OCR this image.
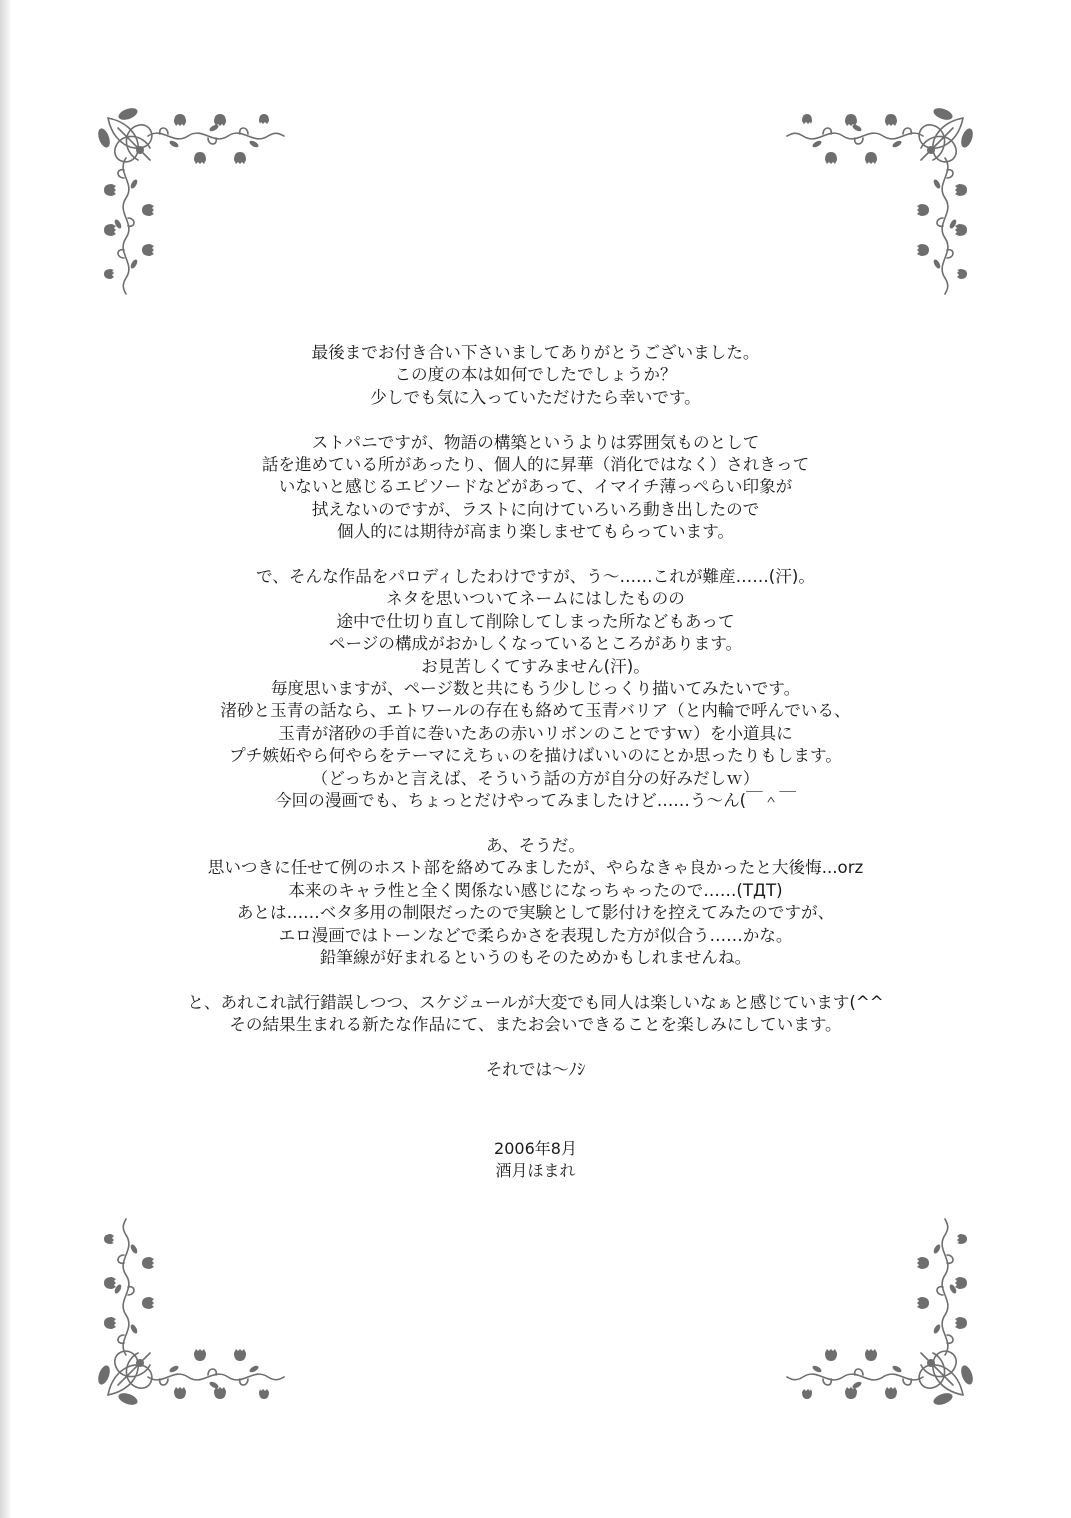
最後までお付き合い下さいましてありがとうございました。
この度の本は如何でしたでしょうか？
少しでも気に入っていただけたら幸いです。
ストパニですが、物語の構築というよりは雰囲気ものとして
話を進めている所があったり、個人的に昇華（消化ではなく）されきって
いないと感じるエピソードなどがあって、イマイチ薄っぺらい印象が
拭えないのですが、ラストに向けていろいろ動き出したので
個人的には期待が高まり楽しませてもらっています。
で、そんな作品をパロディしたわけですが、う～……これが難産……(汗)。
ネタを思いついてネームにはしたものの
途中で仕切り直して削除してしまった所などもあって
ページの構成がおかしくなっているところがあります。
お見苦しくてすみません(汗)。
毎度思いますが、ページ数と共にもう少しじっくり描いてみたいです。
渚砂と玉青の話なら、エトワールの存在も絡めて玉青バリア（と内輪で呼んでいる、
玉青が渚砂の手首に巻いたあの赤いリボンのことですｗ）を小道具に
プチ嫉妬やら何やらをテーマにえちぃのを描けばいいのにとか思ったりもします。
（どっちかと言えば、そういう話の方が自分の好みだしｗ）
今回の漫画でも、ちょっとだけやってみましたけど……う～ん(￣＾￣
あ、そうだ。
思いつきに任せて例のホスト部を絡めてみましたが、やらなきゃ良かったと大後悔...orz
本来のキャラ性と全く関係ない感じになっちゃったので……(TДT)
あとは……ベタ多用の制限だったので実験として影付けを控えてみたのですが、
エロ漫画ではトーンなどで柔らかさを表現した方が似合う……かな。
鉛筆線が好まれるというのもそのためかもしれませんね。
と、あれこれ試行錯誤しつつ、スケジュールが大変でも同人は楽しいなぁと感じています(^^
その結果生まれる新たな作品にて、またお会いできることを楽しみにしています。
それでは～ﾉｼ
2006年8月
酒月ほまれ
